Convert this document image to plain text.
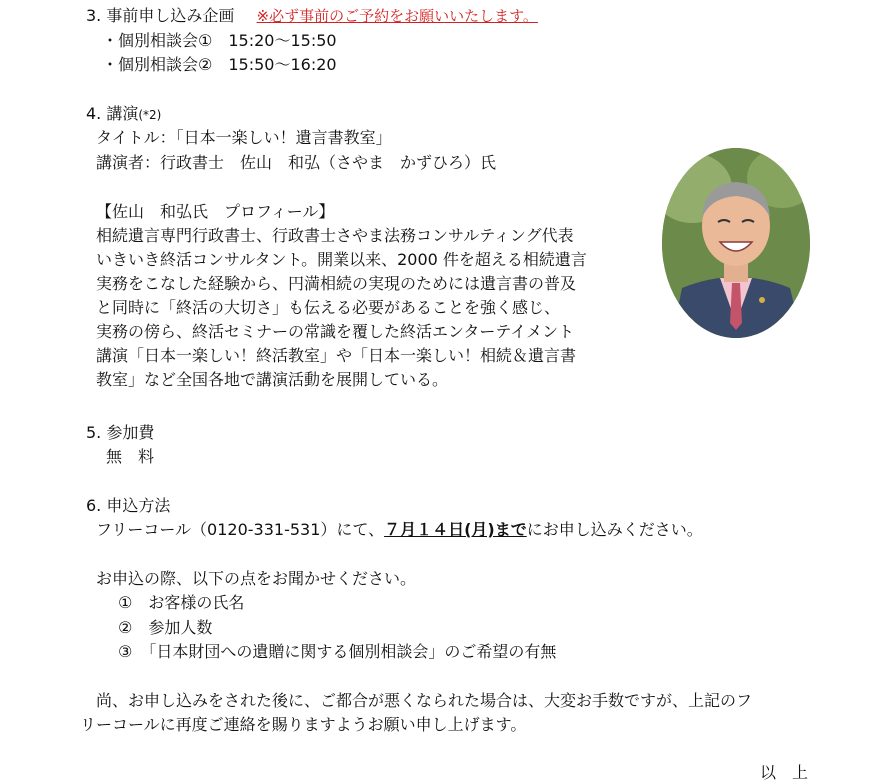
3. 事前申し込み企画 ※必ず事前のご予約をお願いいたします。
・個別相談会①　15:20～15:50
・個別相談会②　15:50～16:20
4. 講演(*2)
タイトル：「日本一楽しい！遺言書教室」
講演者：行政書士　佐山　和弘（さやま　かずひろ）氏
【佐山　和弘氏　プロフィール】
相続遺言専門行政書士、行政書士さやま法務コンサルティング代表
いきいき終活コンサルタント。開業以来、2000 件を超える相続遺言
実務をこなした経験から、円満相続の実現のためには遺言書の普及
と同時に「終活の大切さ」も伝える必要があることを強く感じ、
実務の傍ら、終活セミナーの常識を覆した終活エンターテイメント
講演「日本一楽しい！終活教室」や「日本一楽しい！相続＆遺言書
教室」など全国各地で講演活動を展開している。
5. 参加費
無　料
6. 申込方法
フリーコール（0120-331-531）にて、７月１４日(月)までにお申し込みください。
お申込の際、以下の点をお聞かせください。
①　お客様の氏名
②　参加人数
③　「日本財団への遺贈に関する個別相談会」のご希望の有無
尚、お申し込みをされた後に、ご都合が悪くなられた場合は、大変お手数ですが、上記のフ
リーコールに再度ご連絡を賜りますようお願い申し上げます。
以　上
